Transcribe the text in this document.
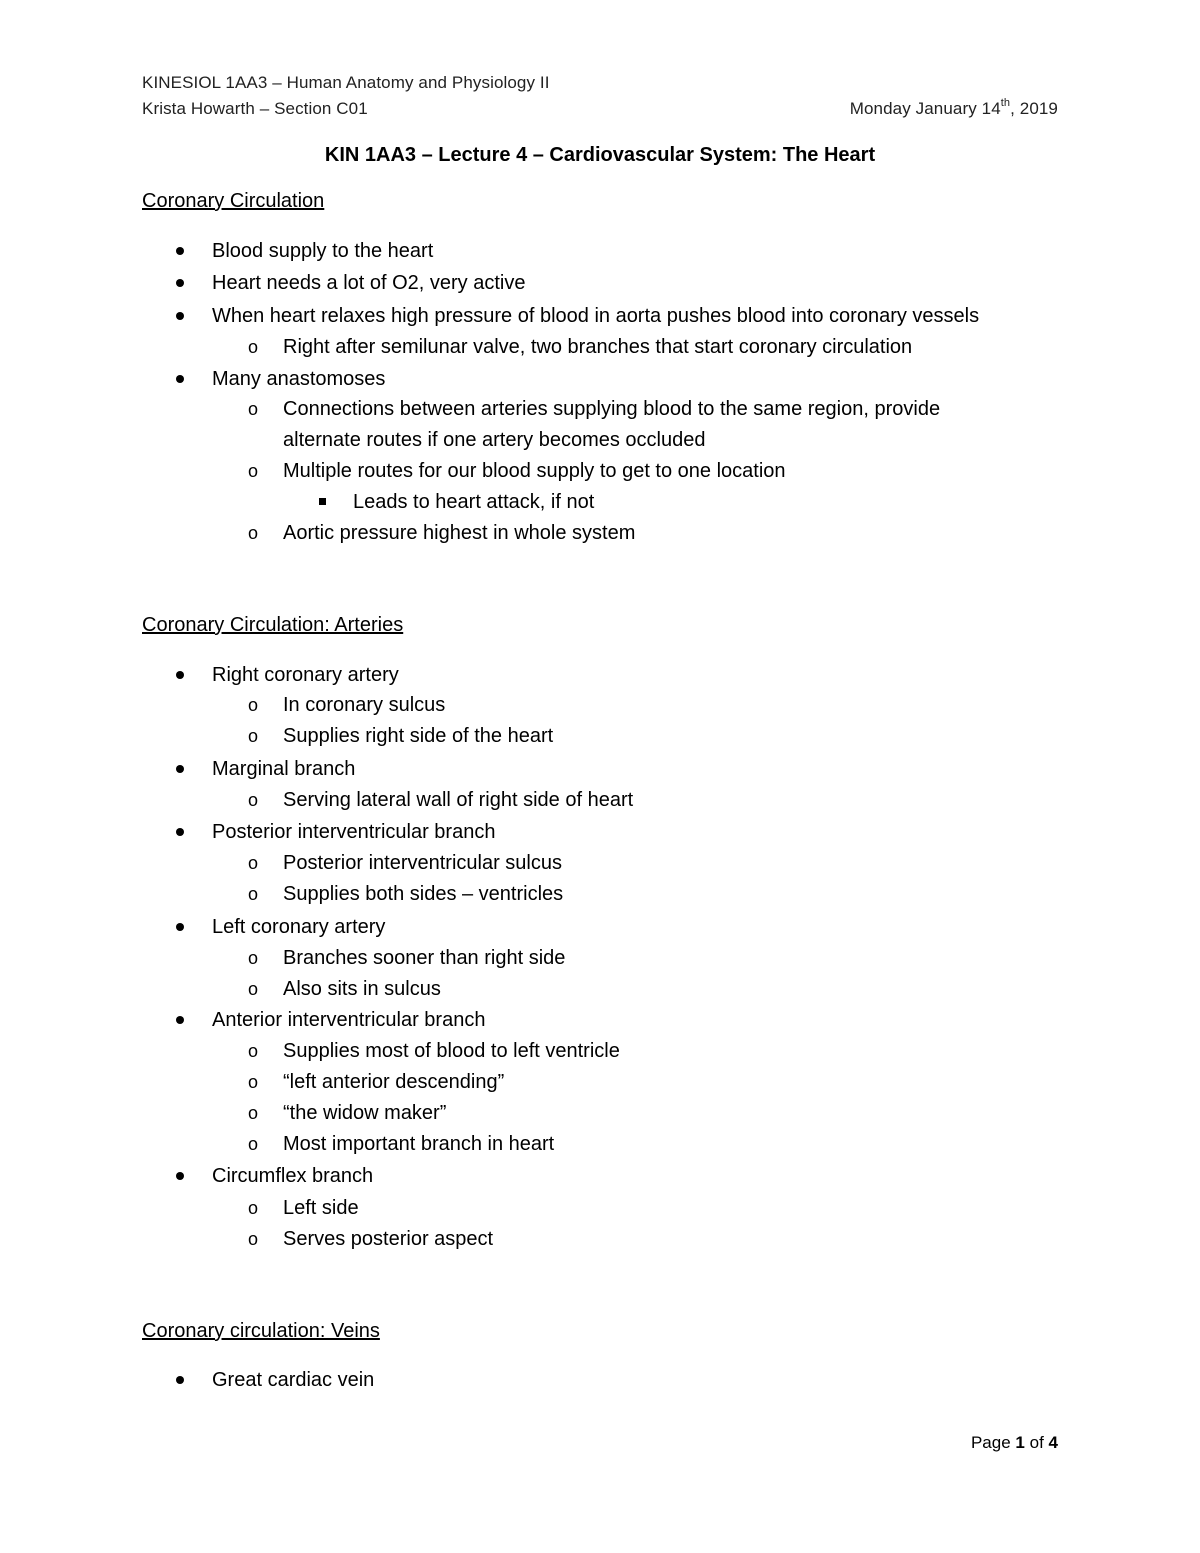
KINESIOL 1AA3 – Human Anatomy and Physiology II
Krista Howarth – Section C01	Monday January 14th, 2019
KIN 1AA3 – Lecture 4 – Cardiovascular System: The Heart
Coronary Circulation
Blood supply to the heart
Heart needs a lot of O2, very active
When heart relaxes high pressure of blood in aorta pushes blood into coronary vessels
o Right after semilunar valve, two branches that start coronary circulation
Many anastomoses
o Connections between arteries supplying blood to the same region, provide
alternate routes if one artery becomes occluded
o Multiple routes for our blood supply to get to one location
Leads to heart attack, if not
o Aortic pressure highest in whole system
Coronary Circulation: Arteries
Right coronary artery
o In coronary sulcus
o Supplies right side of the heart
Marginal branch
o Serving lateral wall of right side of heart
Posterior interventricular branch
o Posterior interventricular sulcus
o Supplies both sides – ventricles
Left coronary artery
o Branches sooner than right side
o Also sits in sulcus
Anterior interventricular branch
o Supplies most of blood to left ventricle
o “left anterior descending”
o “the widow maker”
o Most important branch in heart
Circumflex branch
o Left side
o Serves posterior aspect
Coronary circulation: Veins
Great cardiac vein
Page 1 of 4
